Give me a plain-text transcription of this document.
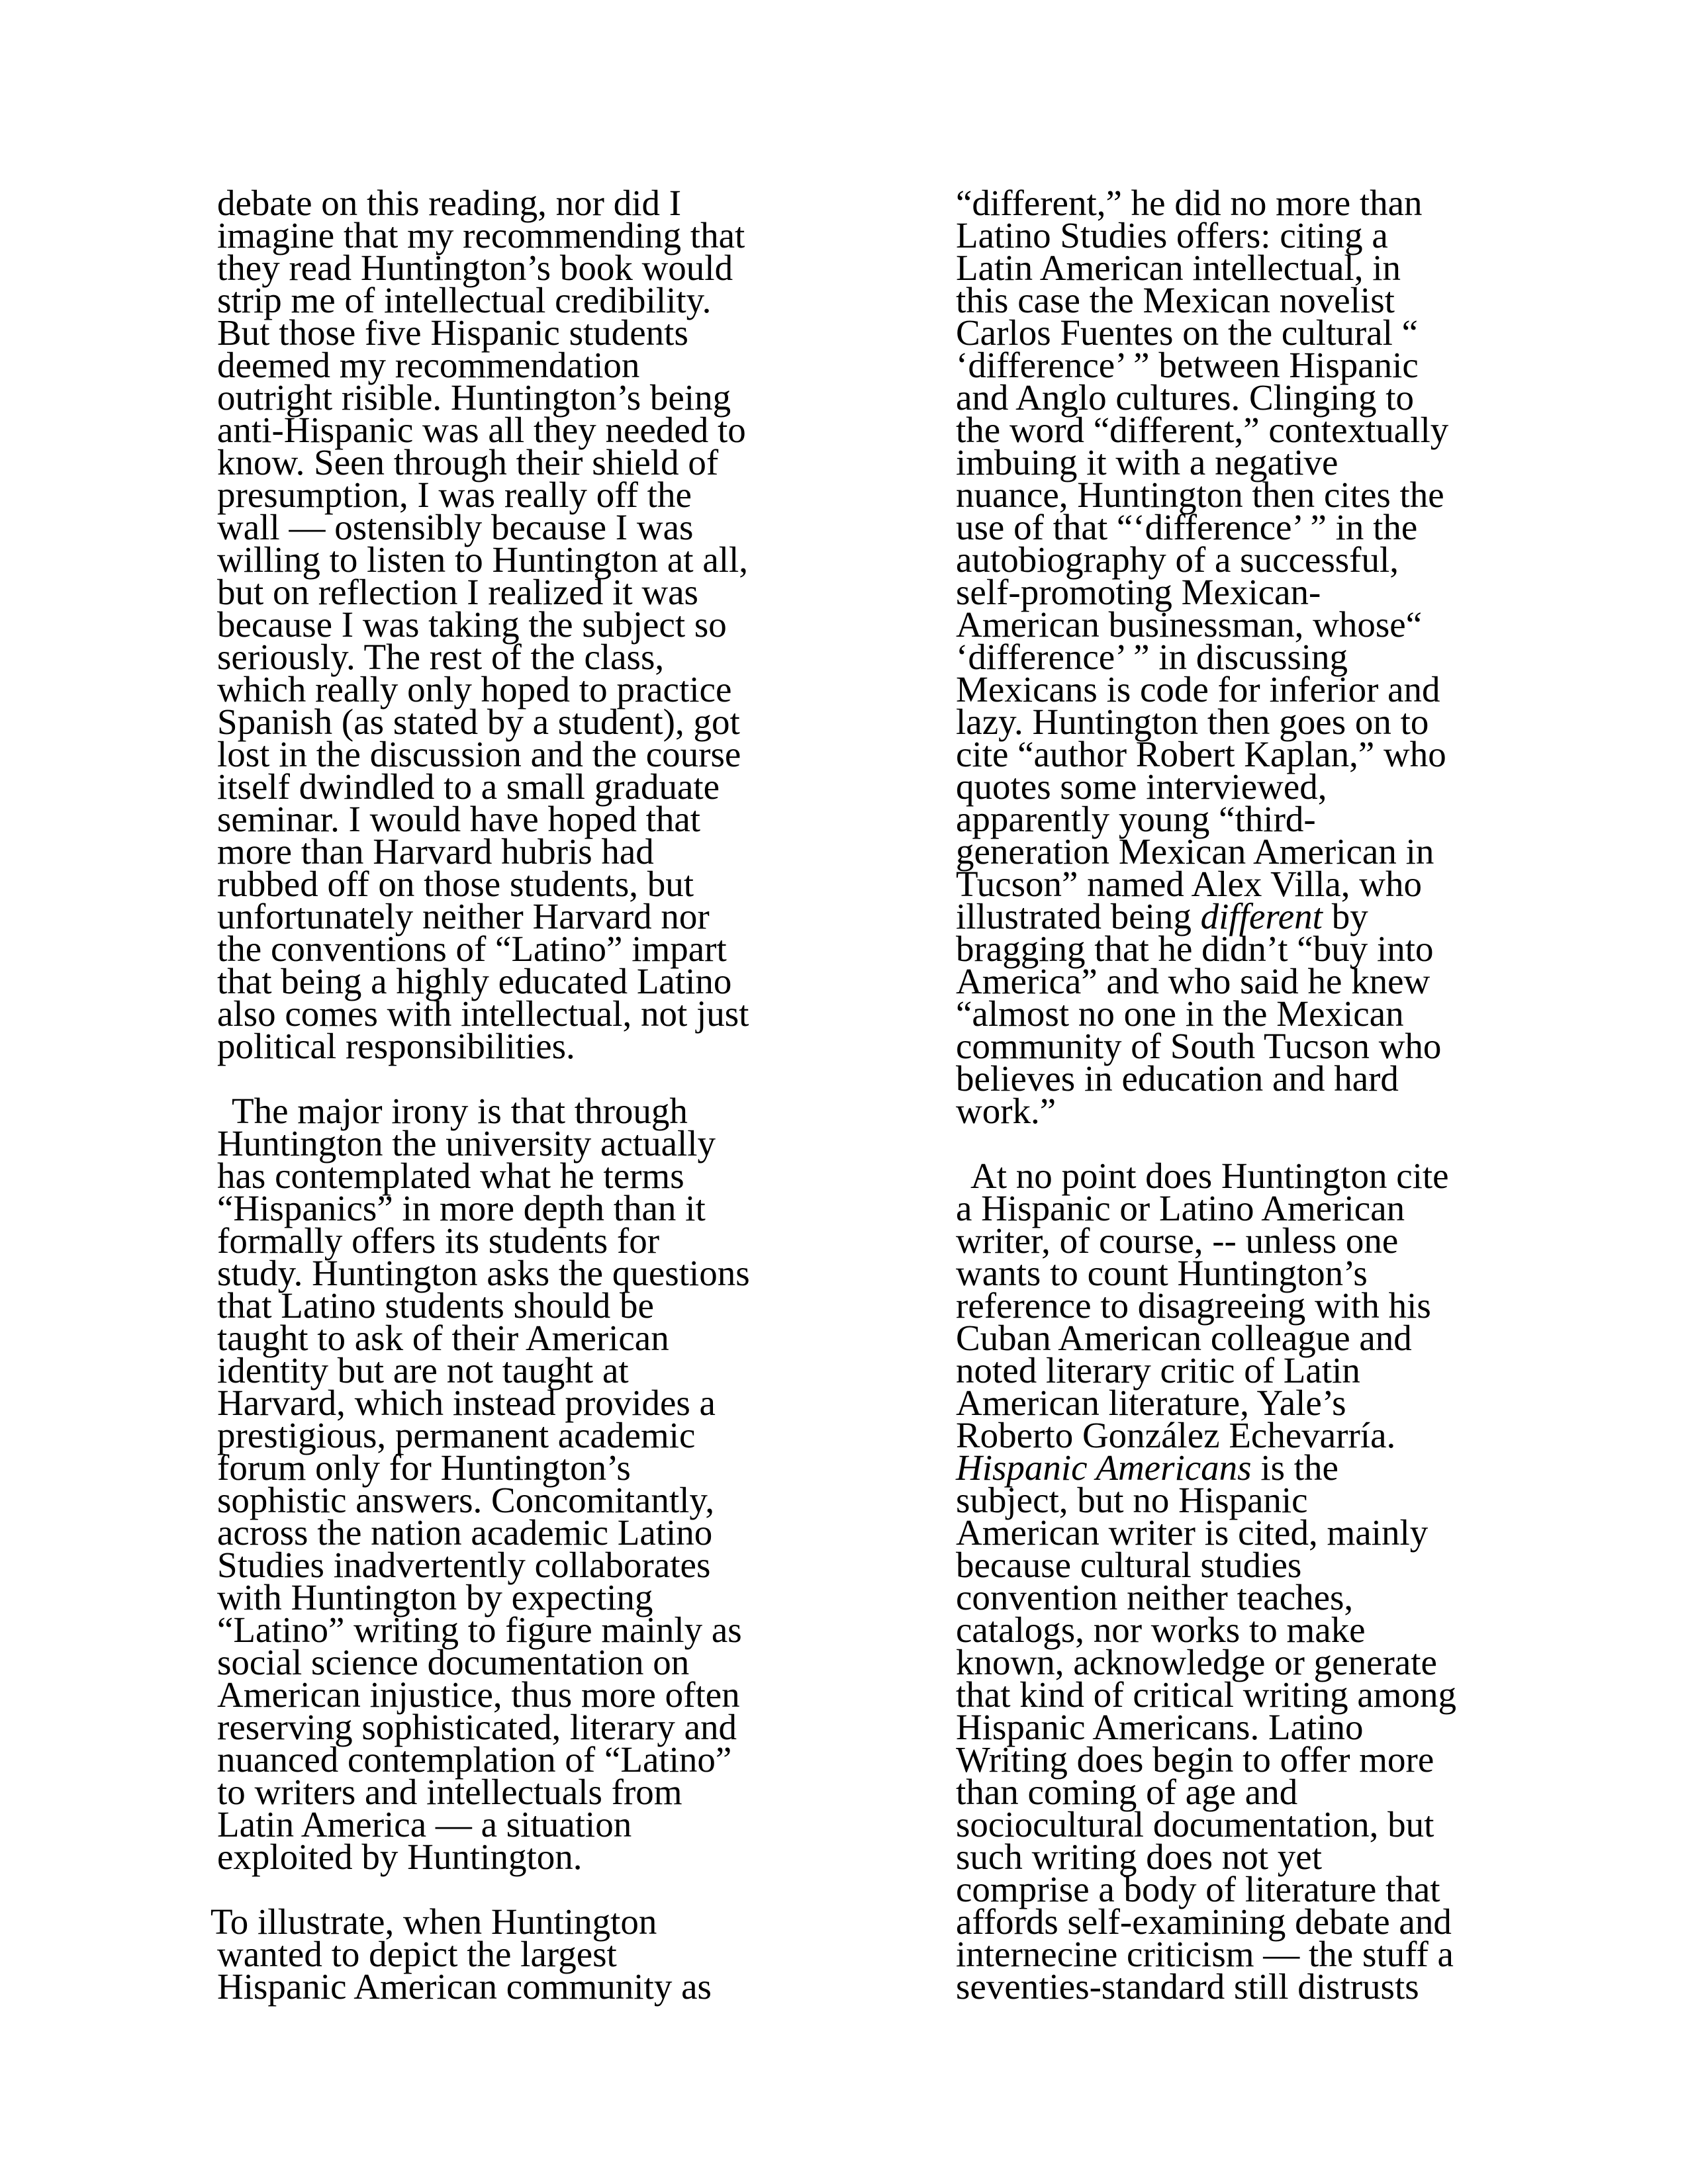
debate on this reading, nor did I
imagine that my recommending that
they read Huntington’s book would
strip me of intellectual credibility.
But those five Hispanic students
deemed my recommendation
outright risible. Huntington’s being
anti-Hispanic was all they needed to
know. Seen through their shield of
presumption, I was really off the
wall — ostensibly because I was
willing to listen to Huntington at all,
but on reflection I realized it was
because I was taking the subject so
seriously. The rest of the class,
which really only hoped to practice
Spanish (as stated by a student), got
lost in the discussion and the course
itself dwindled to a small graduate
seminar. I would have hoped that
more than Harvard hubris had
rubbed off on those students, but
unfortunately neither Harvard nor
the conventions of “Latino” impart
that being a highly educated Latino
also comes with intellectual, not just
political responsibilities.
The major irony is that through
Huntington the university actually
has contemplated what he terms
“Hispanics” in more depth than it
formally offers its students for
study. Huntington asks the questions
that Latino students should be
taught to ask of their American
identity but are not taught at
Harvard, which instead provides a
prestigious, permanent academic
forum only for Huntington’s
sophistic answers. Concomitantly,
across the nation academic Latino
Studies inadvertently collaborates
with Huntington by expecting
“Latino” writing to figure mainly as
social science documentation on
American injustice, thus more often
reserving sophisticated, literary and
nuanced contemplation of “Latino”
to writers and intellectuals from
Latin America — a situation
exploited by Huntington.
To illustrate, when Huntington
wanted to depict the largest
Hispanic American community as
“different,” he did no more than
Latino Studies offers: citing a
Latin American intellectual, in
this case the Mexican novelist
Carlos Fuentes on the cultural “
‘difference’ ” between Hispanic
and Anglo cultures. Clinging to
the word “different,” contextually
imbuing it with a negative
nuance, Huntington then cites the
use of that “‘difference’ ” in the
autobiography of a successful,
self-promoting Mexican-
American businessman, whose“
‘difference’ ” in discussing
Mexicans is code for inferior and
lazy. Huntington then goes on to
cite “author Robert Kaplan,” who
quotes some interviewed,
apparently young “third-
generation Mexican American in
Tucson” named Alex Villa, who
illustrated being different by
bragging that he didn’t “buy into
America” and who said he knew
“almost no one in the Mexican
community of South Tucson who
believes in education and hard
work.”
At no point does Huntington cite
a Hispanic or Latino American
writer, of course, -- unless one
wants to count Huntington’s
reference to disagreeing with his
Cuban American colleague and
noted literary critic of Latin
American literature, Yale’s
Roberto González Echevarría.
Hispanic Americans is the
subject, but no Hispanic
American writer is cited, mainly
because cultural studies
convention neither teaches,
catalogs, nor works to make
known, acknowledge or generate
that kind of critical writing among
Hispanic Americans. Latino
Writing does begin to offer more
than coming of age and
sociocultural documentation, but
such writing does not yet
comprise a body of literature that
affords self-examining debate and
internecine criticism — the stuff a
seventies-standard still distrusts
